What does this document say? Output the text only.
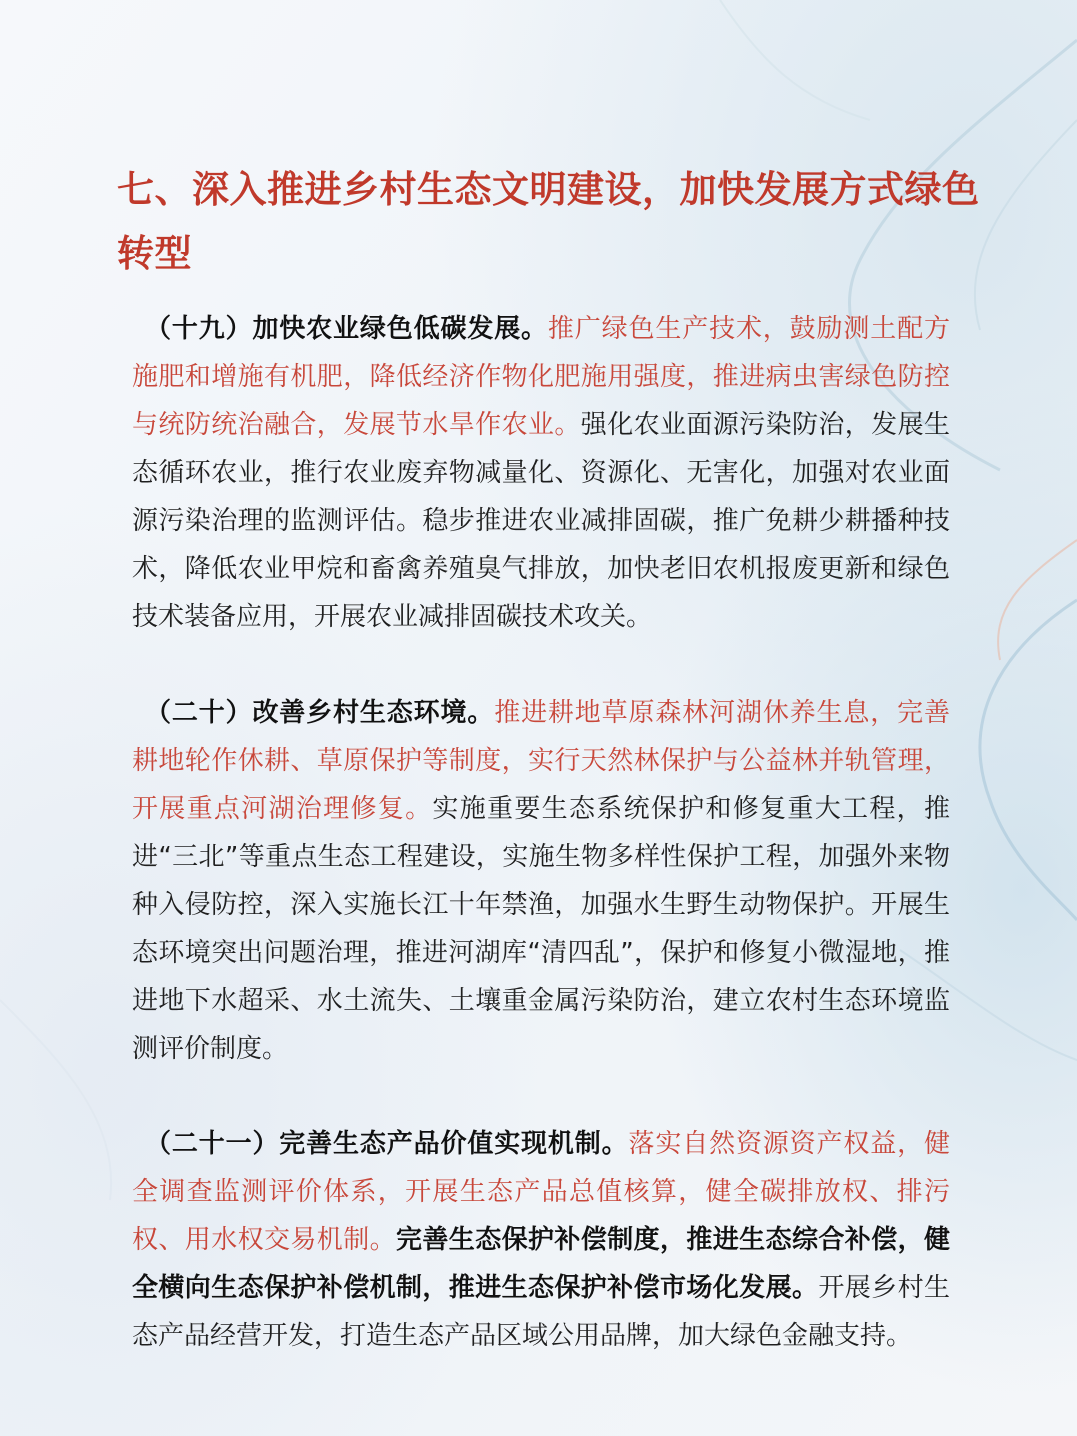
七、深入推进乡村生态文明建设，加快发展方式绿色转型

（十九）加快农业绿色低碳发展。推广绿色生产技术，鼓励测土配方施肥和增施有机肥，降低经济作物化肥施用强度，推进病虫害绿色防控与统防统治融合，发展节水旱作农业。强化农业面源污染防治，发展生态循环农业，推行农业废弃物减量化、资源化、无害化，加强对农业面源污染治理的监测评估。稳步推进农业减排固碳，推广免耕少耕播种技术，降低农业甲烷和畜禽养殖臭气排放，加快老旧农机报废更新和绿色技术装备应用，开展农业减排固碳技术攻关。

（二十）改善乡村生态环境。推进耕地草原森林河湖休养生息，完善耕地轮作休耕、草原保护等制度，实行天然林保护与公益林并轨管理，开展重点河湖治理修复。实施重要生态系统保护和修复重大工程，推进“三北”等重点生态工程建设，实施生物多样性保护工程，加强外来物种入侵防控，深入实施长江十年禁渔，加强水生野生动物保护。开展生态环境突出问题治理，推进河湖库“清四乱”，保护和修复小微湿地，推进地下水超采、水土流失、土壤重金属污染防治，建立农村生态环境监测评价制度。

（二十一）完善生态产品价值实现机制。落实自然资源资产权益，健全调查监测评价体系，开展生态产品总值核算，健全碳排放权、排污权、用水权交易机制。完善生态保护补偿制度，推进生态综合补偿，健全横向生态保护补偿机制，推进生态保护补偿市场化发展。开展乡村生态产品经营开发，打造生态产品区域公用品牌，加大绿色金融支持。
